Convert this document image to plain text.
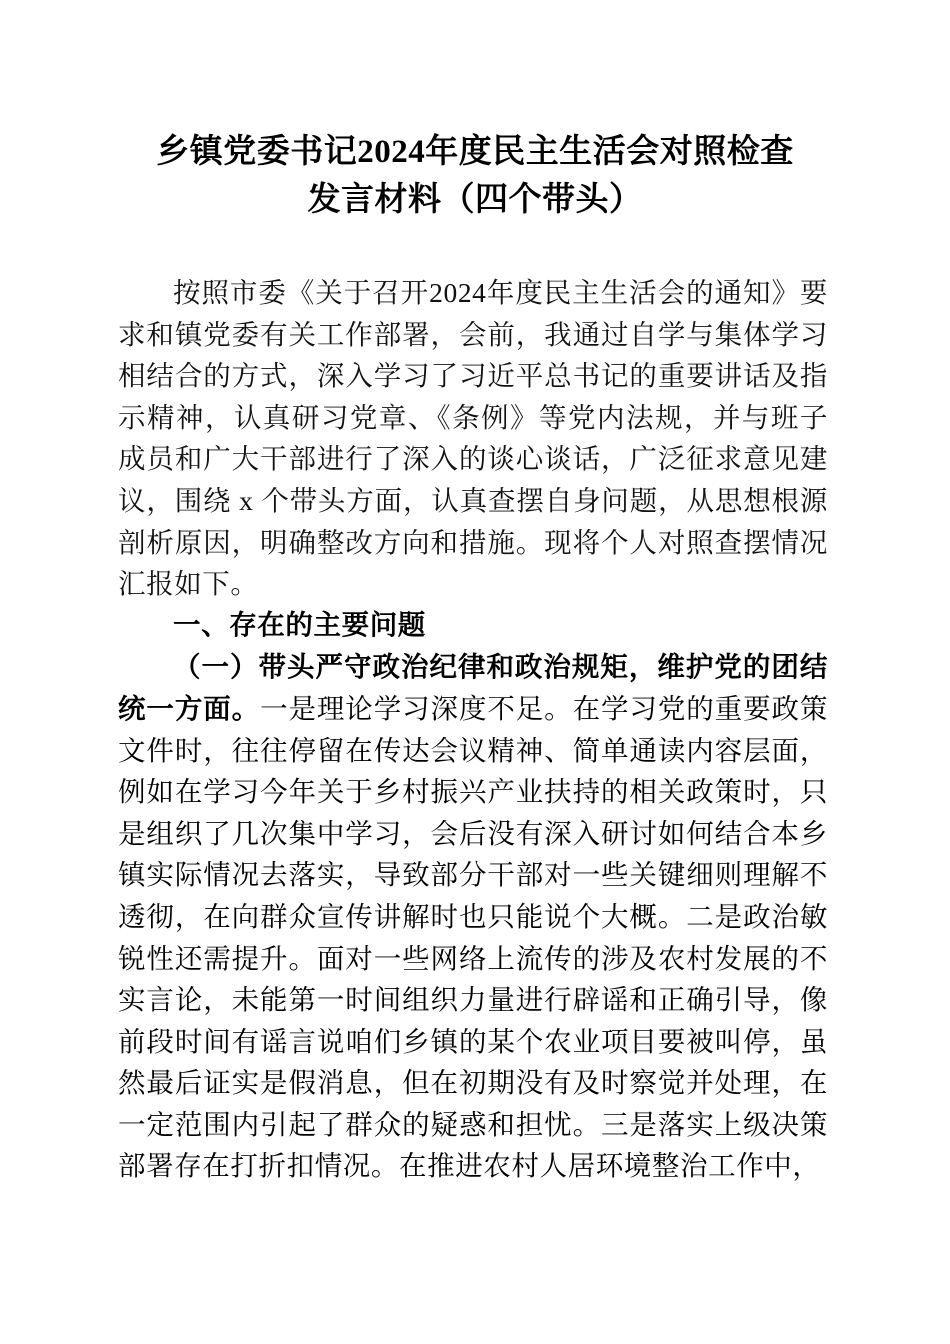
乡镇党委书记2024年度民主生活会对照检查
发言材料（四个带头）

按照市委《关于召开2024年度民主生活会的通知》要求和镇党委有关工作部署，会前，我通过自学与集体学习相结合的方式，深入学习了习近平总书记的重要讲话及指示精神，认真研习党章、《条例》等党内法规，并与班子成员和广大干部进行了深入的谈心谈话，广泛征求意见建议，围绕 x 个带头方面，认真查摆自身问题，从思想根源剖析原因，明确整改方向和措施。现将个人对照查摆情况汇报如下。

一、存在的主要问题

（一）带头严守政治纪律和政治规矩，维护党的团结统一方面。一是理论学习深度不足。在学习党的重要政策文件时，往往停留在传达会议精神、简单通读内容层面，例如在学习今年关于乡村振兴产业扶持的相关政策时，只是组织了几次集中学习，会后没有深入研讨如何结合本乡镇实际情况去落实，导致部分干部对一些关键细则理解不透彻，在向群众宣传讲解时也只能说个大概。二是政治敏锐性还需提升。面对一些网络上流传的涉及农村发展的不实言论，未能第一时间组织力量进行辟谣和正确引导，像前段时间有谣言说咱们乡镇的某个农业项目要被叫停，虽然最后证实是假消息，但在初期没有及时察觉并处理，在一定范围内引起了群众的疑惑和担忧。三是落实上级决策部署存在打折扣情况。在推进农村人居环境整治工作中，
